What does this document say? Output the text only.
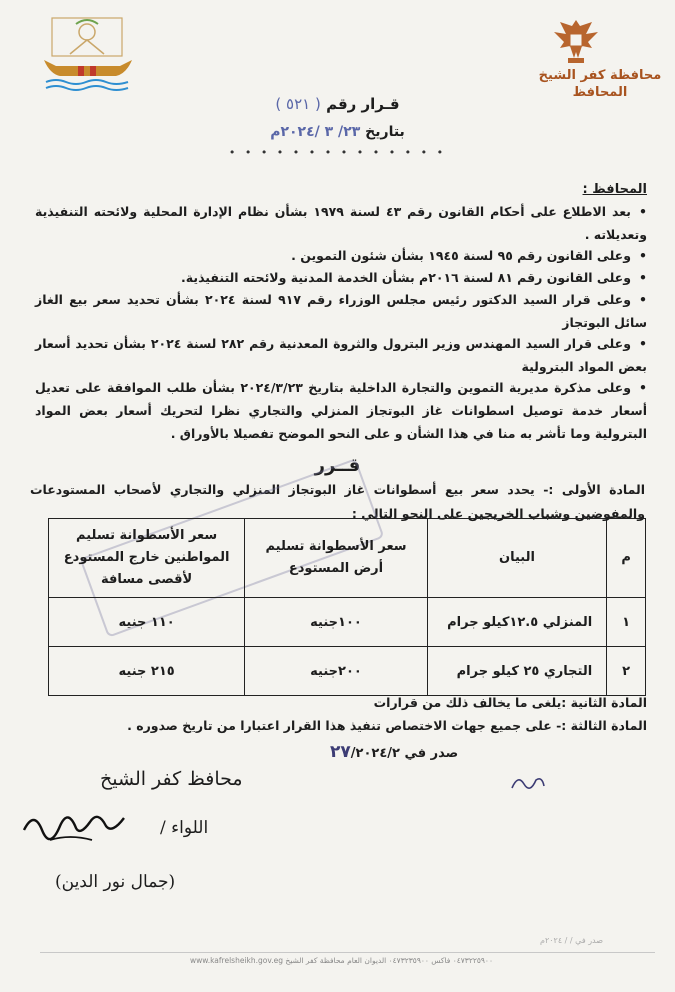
محافظة كفر الشيخ
المحافظ
قـرار رقم ( ٥٢١ )
بتاريخ ٢٣/ ٣ /٢٠٢٤م
• • • • • • • • • • • • • •
المحافظ :
•بعد الاطلاع على أحكام القانون رقم ٤٣ لسنة ١٩٧٩ بشأن نظام الإدارة المحلية ولائحته التنفيذية وتعديلاته .
•وعلى القانون رقم ٩٥ لسنة ١٩٤٥ بشأن شئون التموين .
•وعلى القانون رقم ٨١ لسنة ٢٠١٦م بشأن الخدمة المدنية ولائحته التنفيذية.
•وعلى قرار السيد الدكتور رئيس مجلس الوزراء رقم ٩١٧ لسنة ٢٠٢٤ بشأن تحديد سعر بيع الغاز سائل البوتجاز
•وعلى قرار السيد المهندس وزير البترول والثروة المعدنية رقم ٢٨٢ لسنة ٢٠٢٤ بشأن تحديد أسعار بعض المواد البترولية
•وعلى مذكرة مديرية التموين والتجارة الداخلية بتاريخ ٢٠٢٤/٣/٢٣ بشأن طلب الموافقة على تعديل أسعار خدمة توصيل اسطوانات غاز البوتجاز المنزلي والتجاري نظرا لتحريك أسعار بعض المواد البترولية وما تأشر به منا في هذا الشأن و على النحو الموضح تفصيلا بالأوراق .
قــرر
المادة الأولى :- يحدد سعر بيع أسطوانات غاز البوتجاز المنزلي والتجاري لأصحاب المستودعات والمفوضين وشباب الخريجين على النحو التالي :
م	البيان	سعر الأسطوانة تسليم أرض المستودع	سعر الأسطوانة تسليم المواطنين خارج المستودع لأقصى مسافة
١	المنزلي ١٢.٥كيلو جرام	١٠٠جنيه	١١٠ جنيه
٢	التجاري ٢٥ كيلو جرام	٢٠٠جنيه	٢١٥ جنيه
المادة الثانية :يلغى ما يخالف ذلك من قرارات
المادة الثالثة :- على جميع جهات الاختصاص تنفيذ هذا القرار اعتبارا من تاريخ صدوره .
صدر في ٢٧/٢٠٢٤/٢
محافظ كفر الشيخ
اللواء /
(جمال نور الدين)
صدر في / / ٢٠٢٤م
www.kafrelsheikh.gov.eg ٠٤٧٣٢٢٥٩٠٠ فاكس ٠٤٧٣٢٣٥٩٠٠ الديوان العام محافظة كفر الشيخ
